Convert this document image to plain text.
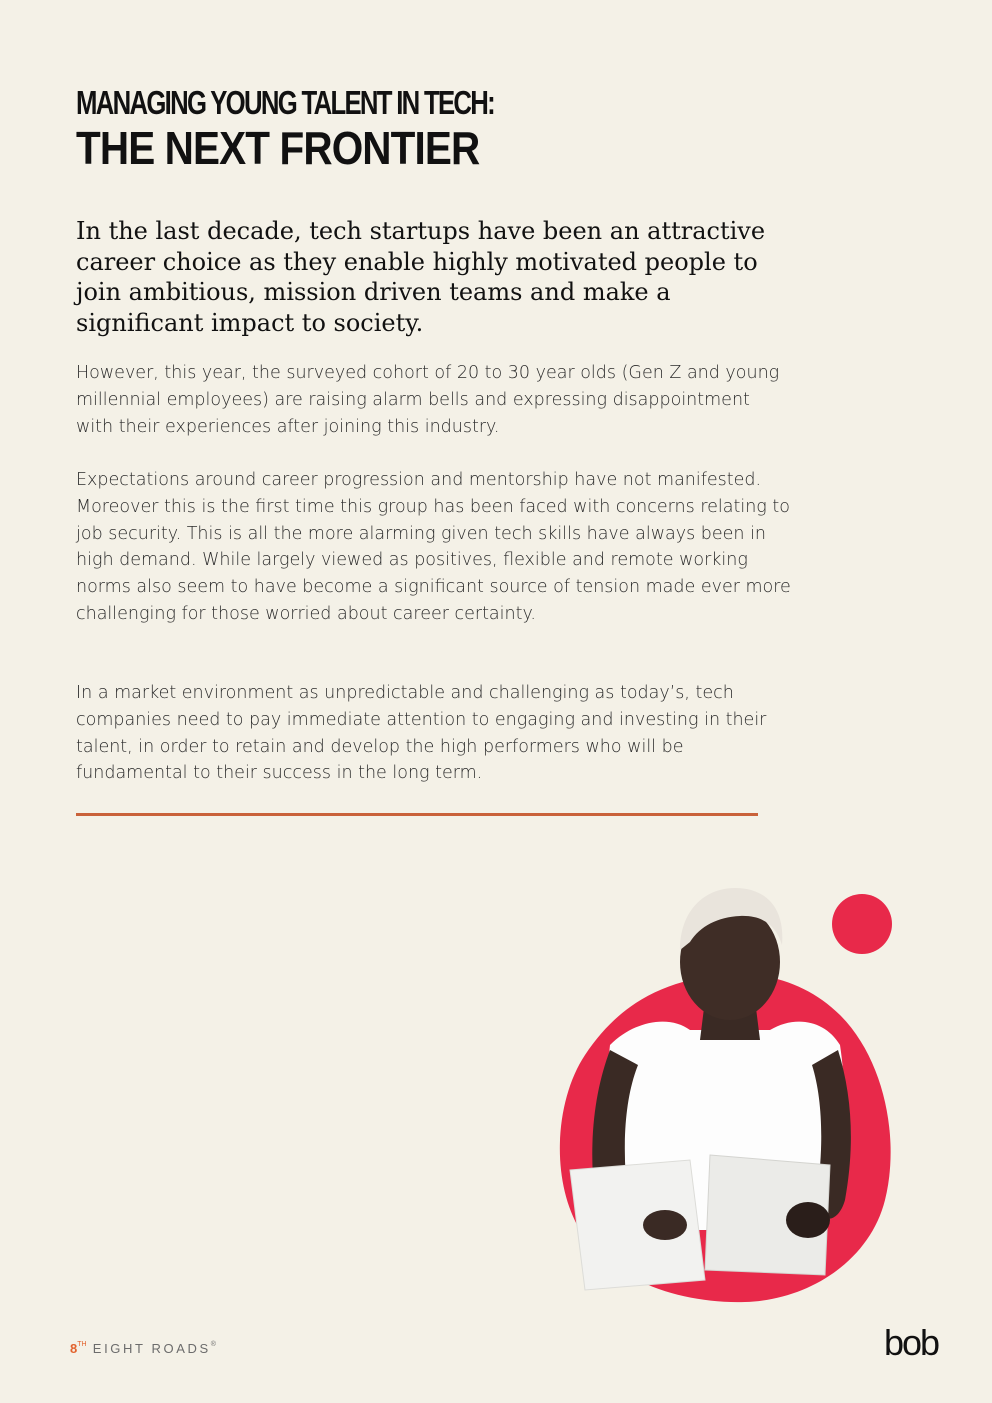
MANAGING YOUNG TALENT IN TECH:
THE NEXT FRONTIER

In the last decade, tech startups have been an attractive career choice as they enable highly motivated people to join ambitious, mission driven teams and make a significant impact to society.

However, this year, the surveyed cohort of 20 to 30 year olds (Gen Z and young millennial employees) are raising alarm bells and expressing disappointment with their experiences after joining this industry.

Expectations around career progression and mentorship have not manifested. Moreover this is the first time this group has been faced with concerns relating to job security. This is all the more alarming given tech skills have always been in high demand. While largely viewed as positives, flexible and remote working norms also seem to have become a significant source of tension made ever more challenging for those worried about career certainty.

In a market environment as unpredictable and challenging as today’s, tech companies need to pay immediate attention to engaging and investing in their talent, in order to retain and develop the high performers who will be fundamental to their success in the long term.

8TH EIGHT ROADS®	bob
